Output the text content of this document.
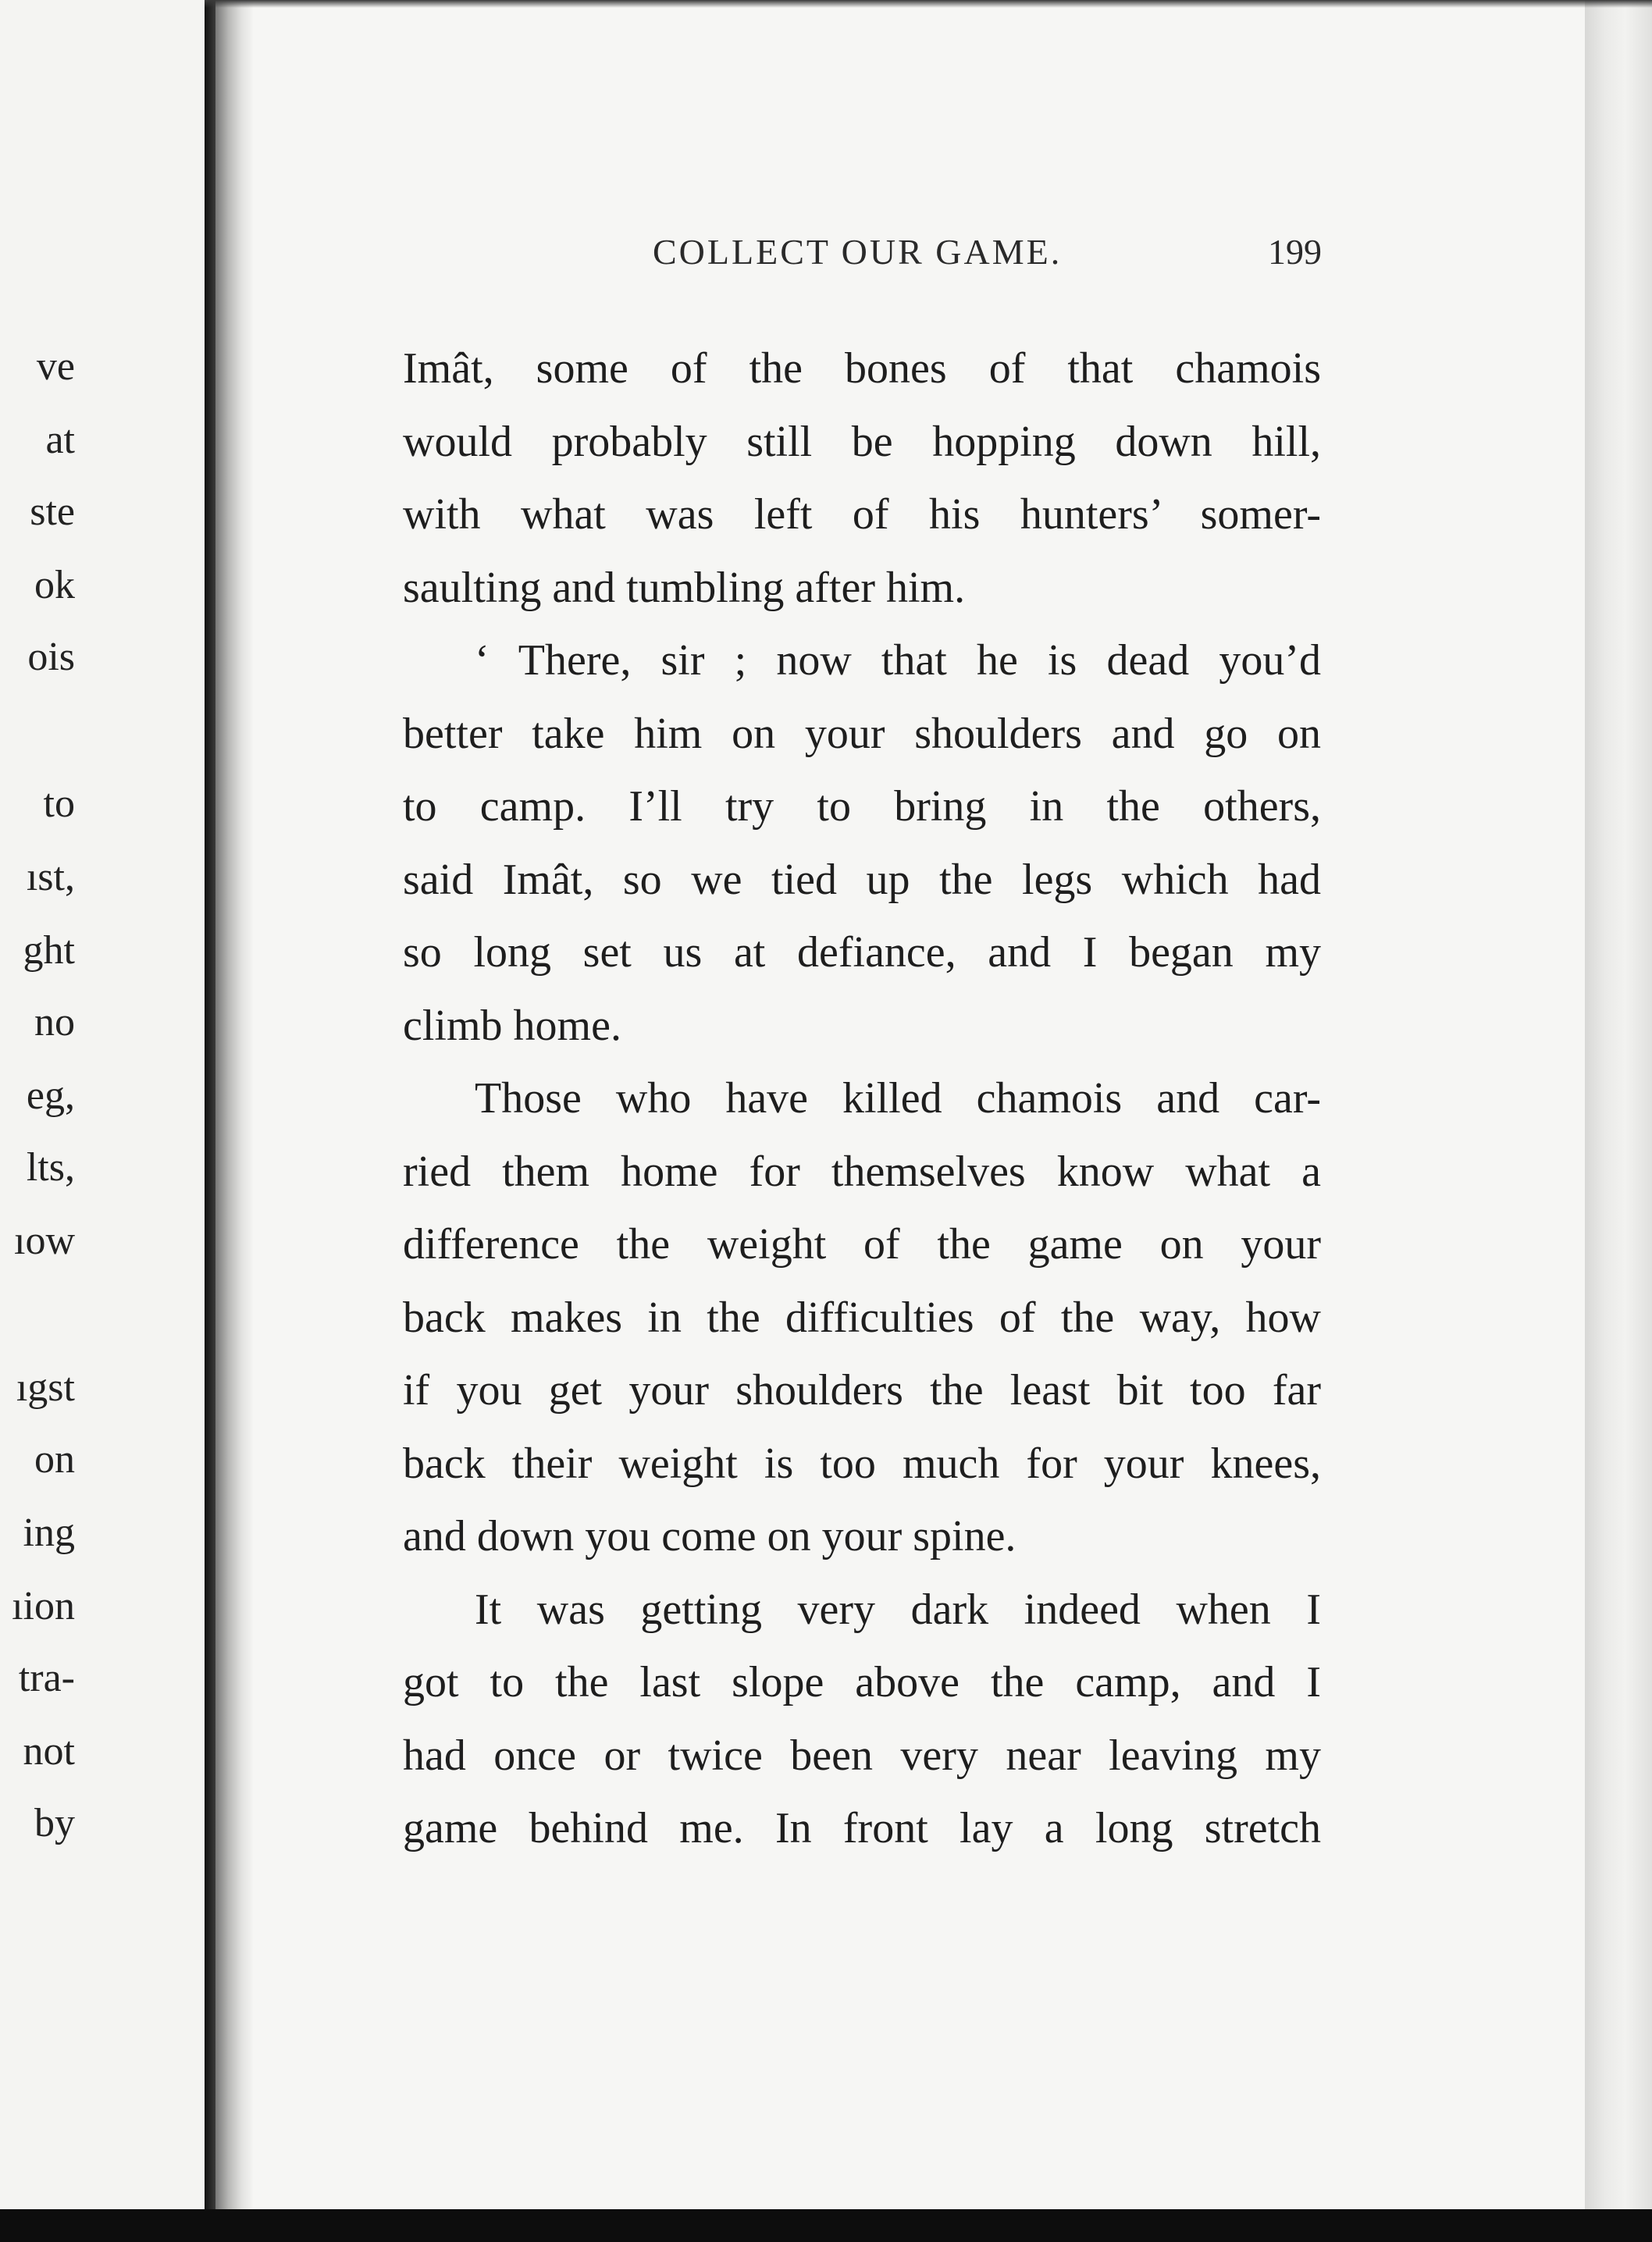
ve
at
ste
ok
ois
to
ıst,
ght
no
eg,
lts,
ıow
ıgst
on
ing
ıion
tra-
not
by
COLLECT OUR GAME.	199
Imât, some of the bones of that chamois
would probably still be hopping down hill,
with what was left of his hunters’ somer-
saulting and tumbling after him.
‘ There, sir ; now that he is dead you’d
better take him on your shoulders and go on
to camp. I’ll try to bring in the others,
said Imât, so we tied up the legs which had
so long set us at defiance, and I began my
climb home.
Those who have killed chamois and car-
ried them home for themselves know what a
difference the weight of the game on your
back makes in the difficulties of the way, how
if you get your shoulders the least bit too far
back their weight is too much for your knees,
and down you come on your spine.
It was getting very dark indeed when I
got to the last slope above the camp, and I
had once or twice been very near leaving my
game behind me. In front lay a long stretch
